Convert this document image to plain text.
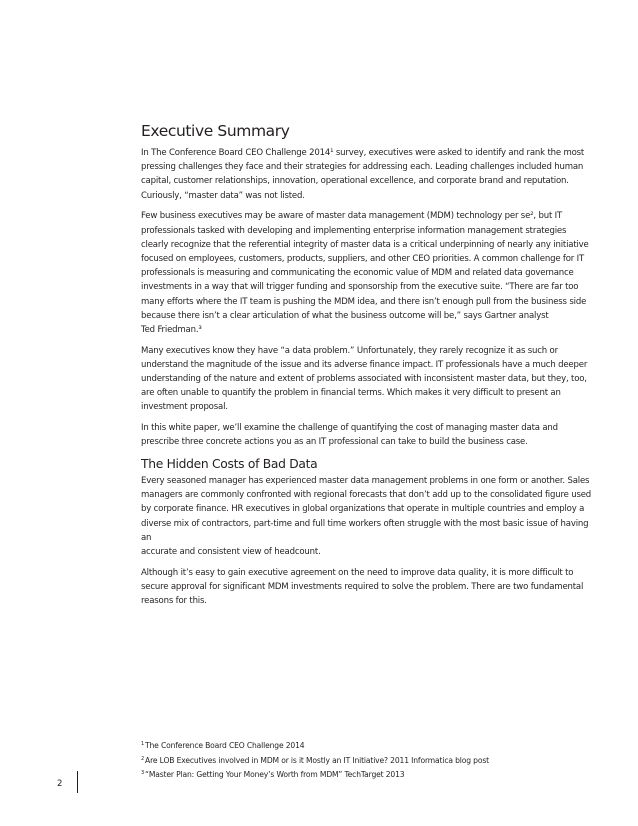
Executive Summary

In The Conference Board CEO Challenge 2014¹ survey, executives were asked to identify and rank the most
pressing challenges they face and their strategies for addressing each. Leading challenges included human
capital, customer relationships, innovation, operational excellence, and corporate brand and reputation.
Curiously, “master data” was not listed.

Few business executives may be aware of master data management (MDM) technology per se², but IT
professionals tasked with developing and implementing enterprise information management strategies
clearly recognize that the referential integrity of master data is a critical underpinning of nearly any initiative
focused on employees, customers, products, suppliers, and other CEO priorities. A common challenge for IT
professionals is measuring and communicating the economic value of MDM and related data governance
investments in a way that will trigger funding and sponsorship from the executive suite. “There are far too
many efforts where the IT team is pushing the MDM idea, and there isn’t enough pull from the business side
because there isn’t a clear articulation of what the business outcome will be,” says Gartner analyst
Ted Friedman.³

Many executives know they have “a data problem.” Unfortunately, they rarely recognize it as such or
understand the magnitude of the issue and its adverse finance impact. IT professionals have a much deeper
understanding of the nature and extent of problems associated with inconsistent master data, but they, too,
are often unable to quantify the problem in financial terms. Which makes it very difficult to present an
investment proposal.

In this white paper, we’ll examine the challenge of quantifying the cost of managing master data and
prescribe three concrete actions you as an IT professional can take to build the business case.

The Hidden Costs of Bad Data

Every seasoned manager has experienced master data management problems in one form or another. Sales
managers are commonly confronted with regional forecasts that don’t add up to the consolidated figure used
by corporate finance. HR executives in global organizations that operate in multiple countries and employ a
diverse mix of contractors, part-time and full time workers often struggle with the most basic issue of having an
accurate and consistent view of headcount.

Although it’s easy to gain executive agreement on the need to improve data quality, it is more difficult to
secure approval for significant MDM investments required to solve the problem. There are two fundamental
reasons for this.

$^1$The Conference Board CEO Challenge 2014
$^2$Are LOB Executives involved in MDM or is it Mostly an IT Initiative? 2011 Informatica blog post
$^3$“Master Plan: Getting Your Money’s Worth from MDM” TechTarget 2013
2
